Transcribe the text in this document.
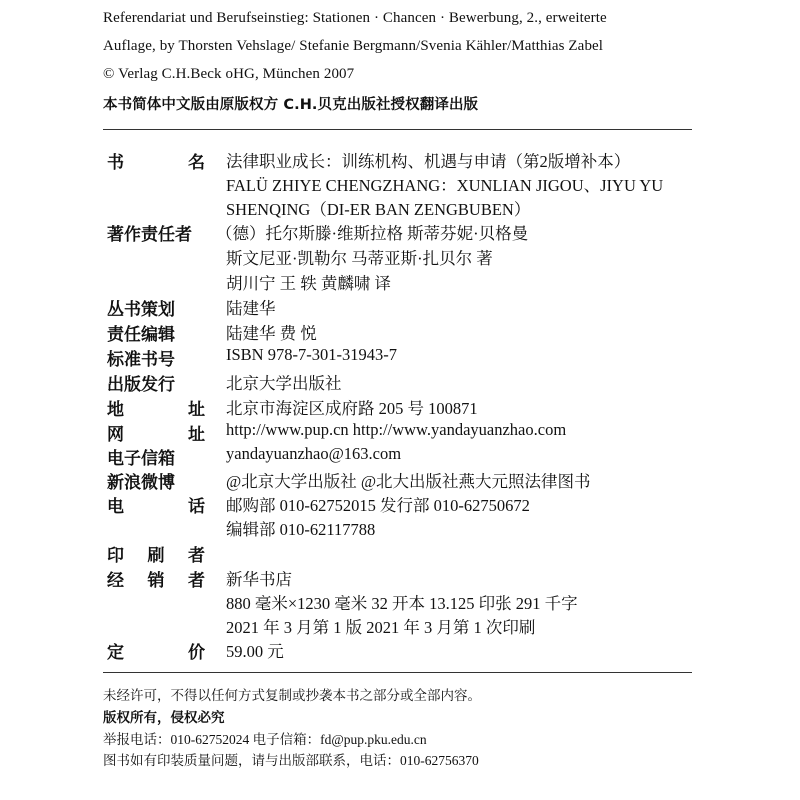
Referendariat und Berufseinstieg: Stationen · Chancen · Bewerbung, 2., erweiterte
Auflage, by Thorsten Vehslage/ Stefanie Bergmann/Svenia Kähler/Matthias Zabel
© Verlag C.H.Beck oHG, München 2007
本书简体中文版由原版权方 C.H.贝克出版社授权翻译出版
书	名 法律职业成长：训练机构、机遇与申请（第2版增补本）
FALÜ ZHIYE CHENGZHANG：XUNLIAN JIGOU、JIYU YU
SHENQING（DI-ER BAN ZENGBUBEN）
著作责任者 （德）托尔斯滕·维斯拉格 斯蒂芬妮·贝格曼
斯文尼亚·凯勒尔 马蒂亚斯·扎贝尔 著
胡川宁 王 轶 黄麟啸 译
丛书策划	陆建华
责任编辑	陆建华 费 悦
标准书号	ISBN 978-7-301-31943-7
出版发行	北京大学出版社
地	址 北京市海淀区成府路 205 号 100871
网	址 http://www.pup.cn http://www.yandayuanzhao.com
电子信箱	yandayuanzhao@163.com
新浪微博	@北京大学出版社 @北大出版社燕大元照法律图书
电	话 邮购部 010-62752015 发行部 010-62750672
编辑部 010-62117788
印 刷 者
经 销 者 新华书店
880 毫米×1230 毫米 32 开本 13.125 印张 291 千字
2021 年 3 月第 1 版 2021 年 3 月第 1 次印刷
定	价 59.00 元
未经许可，不得以任何方式复制或抄袭本书之部分或全部内容。
版权所有，侵权必究
举报电话：010-62752024 电子信箱：fd@pup.pku.edu.cn
图书如有印装质量问题，请与出版部联系，电话：010-62756370
